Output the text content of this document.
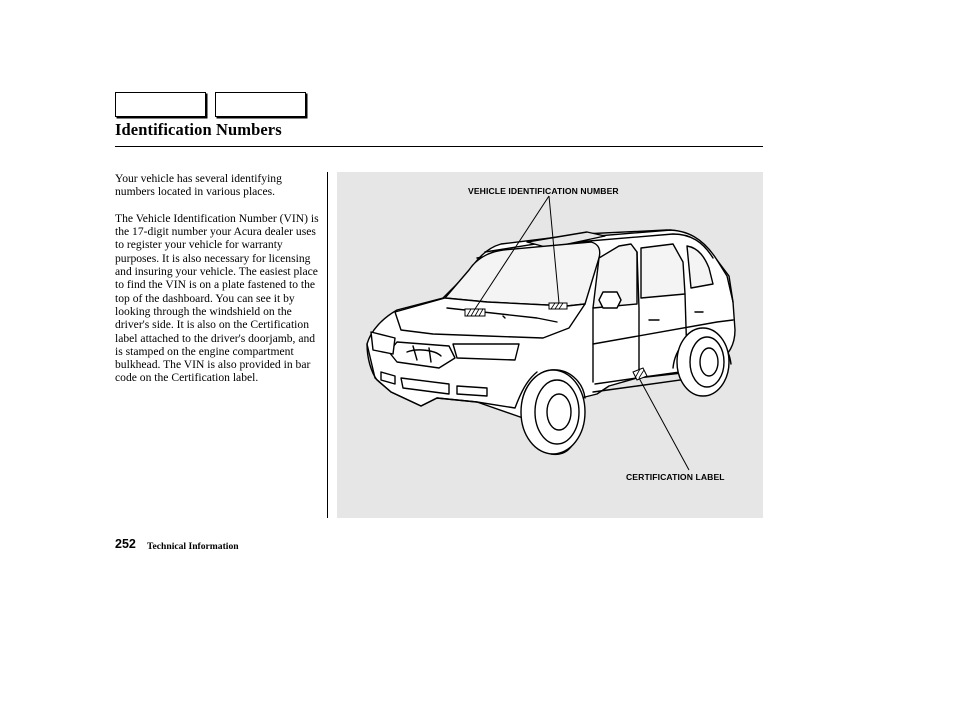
Identification Numbers

Your vehicle has several identifying numbers located in various places.

The Vehicle Identification Number (VIN) is the 17-digit number your Acura dealer uses to register your vehicle for warranty purposes. It is also necessary for licensing and insuring your vehicle. The easiest place to find the VIN is on a plate fastened to the top of the dashboard. You can see it by looking through the windshield on the driver's side. It is also on the Certification label attached to the driver's doorjamb, and is stamped on the engine compartment bulkhead. The VIN is also provided in bar code on the Certification label.

VEHICLE IDENTIFICATION NUMBER
CERTIFICATION LABEL
252 Technical Information
